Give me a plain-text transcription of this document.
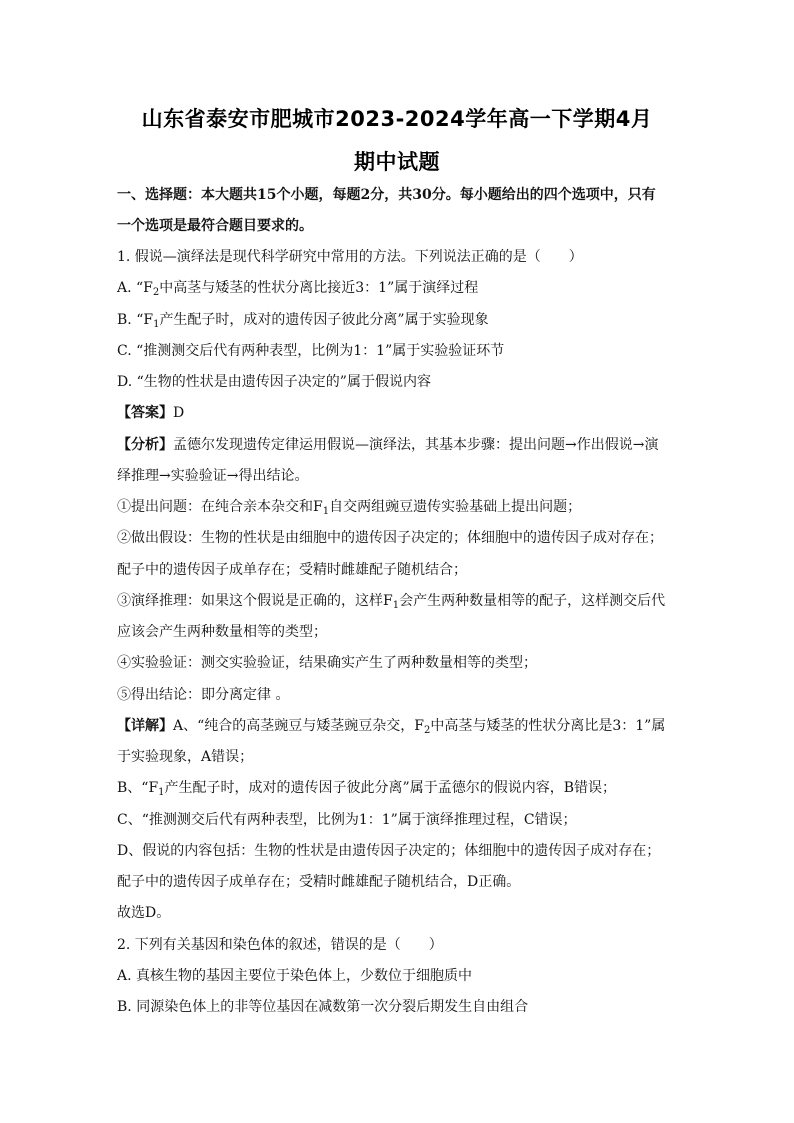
山东省泰安市肥城市2023-2024学年高一下学期4月
期中试题
一、选择题：本大题共15个小题，每题2分，共30分。每小题给出的四个选项中，只有
一个选项是最符合题目要求的。
1. 假说—演绎法是现代科学研究中常用的方法。下列说法正确的是（　　）
A. “$F_2$中高茎与矮茎的性状分离比接近3：1”属于演绎过程
B. “$F_1$产生配子时，成对的遗传因子彼此分离”属于实验现象
C. “推测测交后代有两种表型，比例为1：1”属于实验验证环节
D. “生物的性状是由遗传因子决定的”属于假说内容
【答案】D
【分析】孟德尔发现遗传定律运用假说—演绎法，其基本步骤：提出问题→作出假说→演
绎推理→实验验证→得出结论。
①提出问题：在纯合亲本杂交和$F_1$自交两组豌豆遗传实验基础上提出问题；
②做出假设：生物的性状是由细胞中的遗传因子决定的；体细胞中的遗传因子成对存在；
配子中的遗传因子成单存在；受精时雌雄配子随机结合；
③演绎推理：如果这个假说是正确的，这样$F_1$会产生两种数量相等的配子，这样测交后代
应该会产生两种数量相等的类型；
④实验验证：测交实验验证，结果确实产生了两种数量相等的类型；
⑤得出结论：即分离定律 。
【详解】A、“纯合的高茎豌豆与矮茎豌豆杂交，$F_2$中高茎与矮茎的性状分离比是3：1”属
于实验现象，A错误；
B、“$F_1$产生配子时，成对的遗传因子彼此分离”属于孟德尔的假说内容，B错误；
C、“推测测交后代有两种表型，比例为1：1”属于演绎推理过程，C错误；
D、假说的内容包括：生物的性状是由遗传因子决定的；体细胞中的遗传因子成对存在；
配子中的遗传因子成单存在；受精时雌雄配子随机结合，D正确。
故选D。
2. 下列有关基因和染色体的叙述，错误的是（　　）
A. 真核生物的基因主要位于染色体上，少数位于细胞质中
B. 同源染色体上的非等位基因在减数第一次分裂后期发生自由组合
